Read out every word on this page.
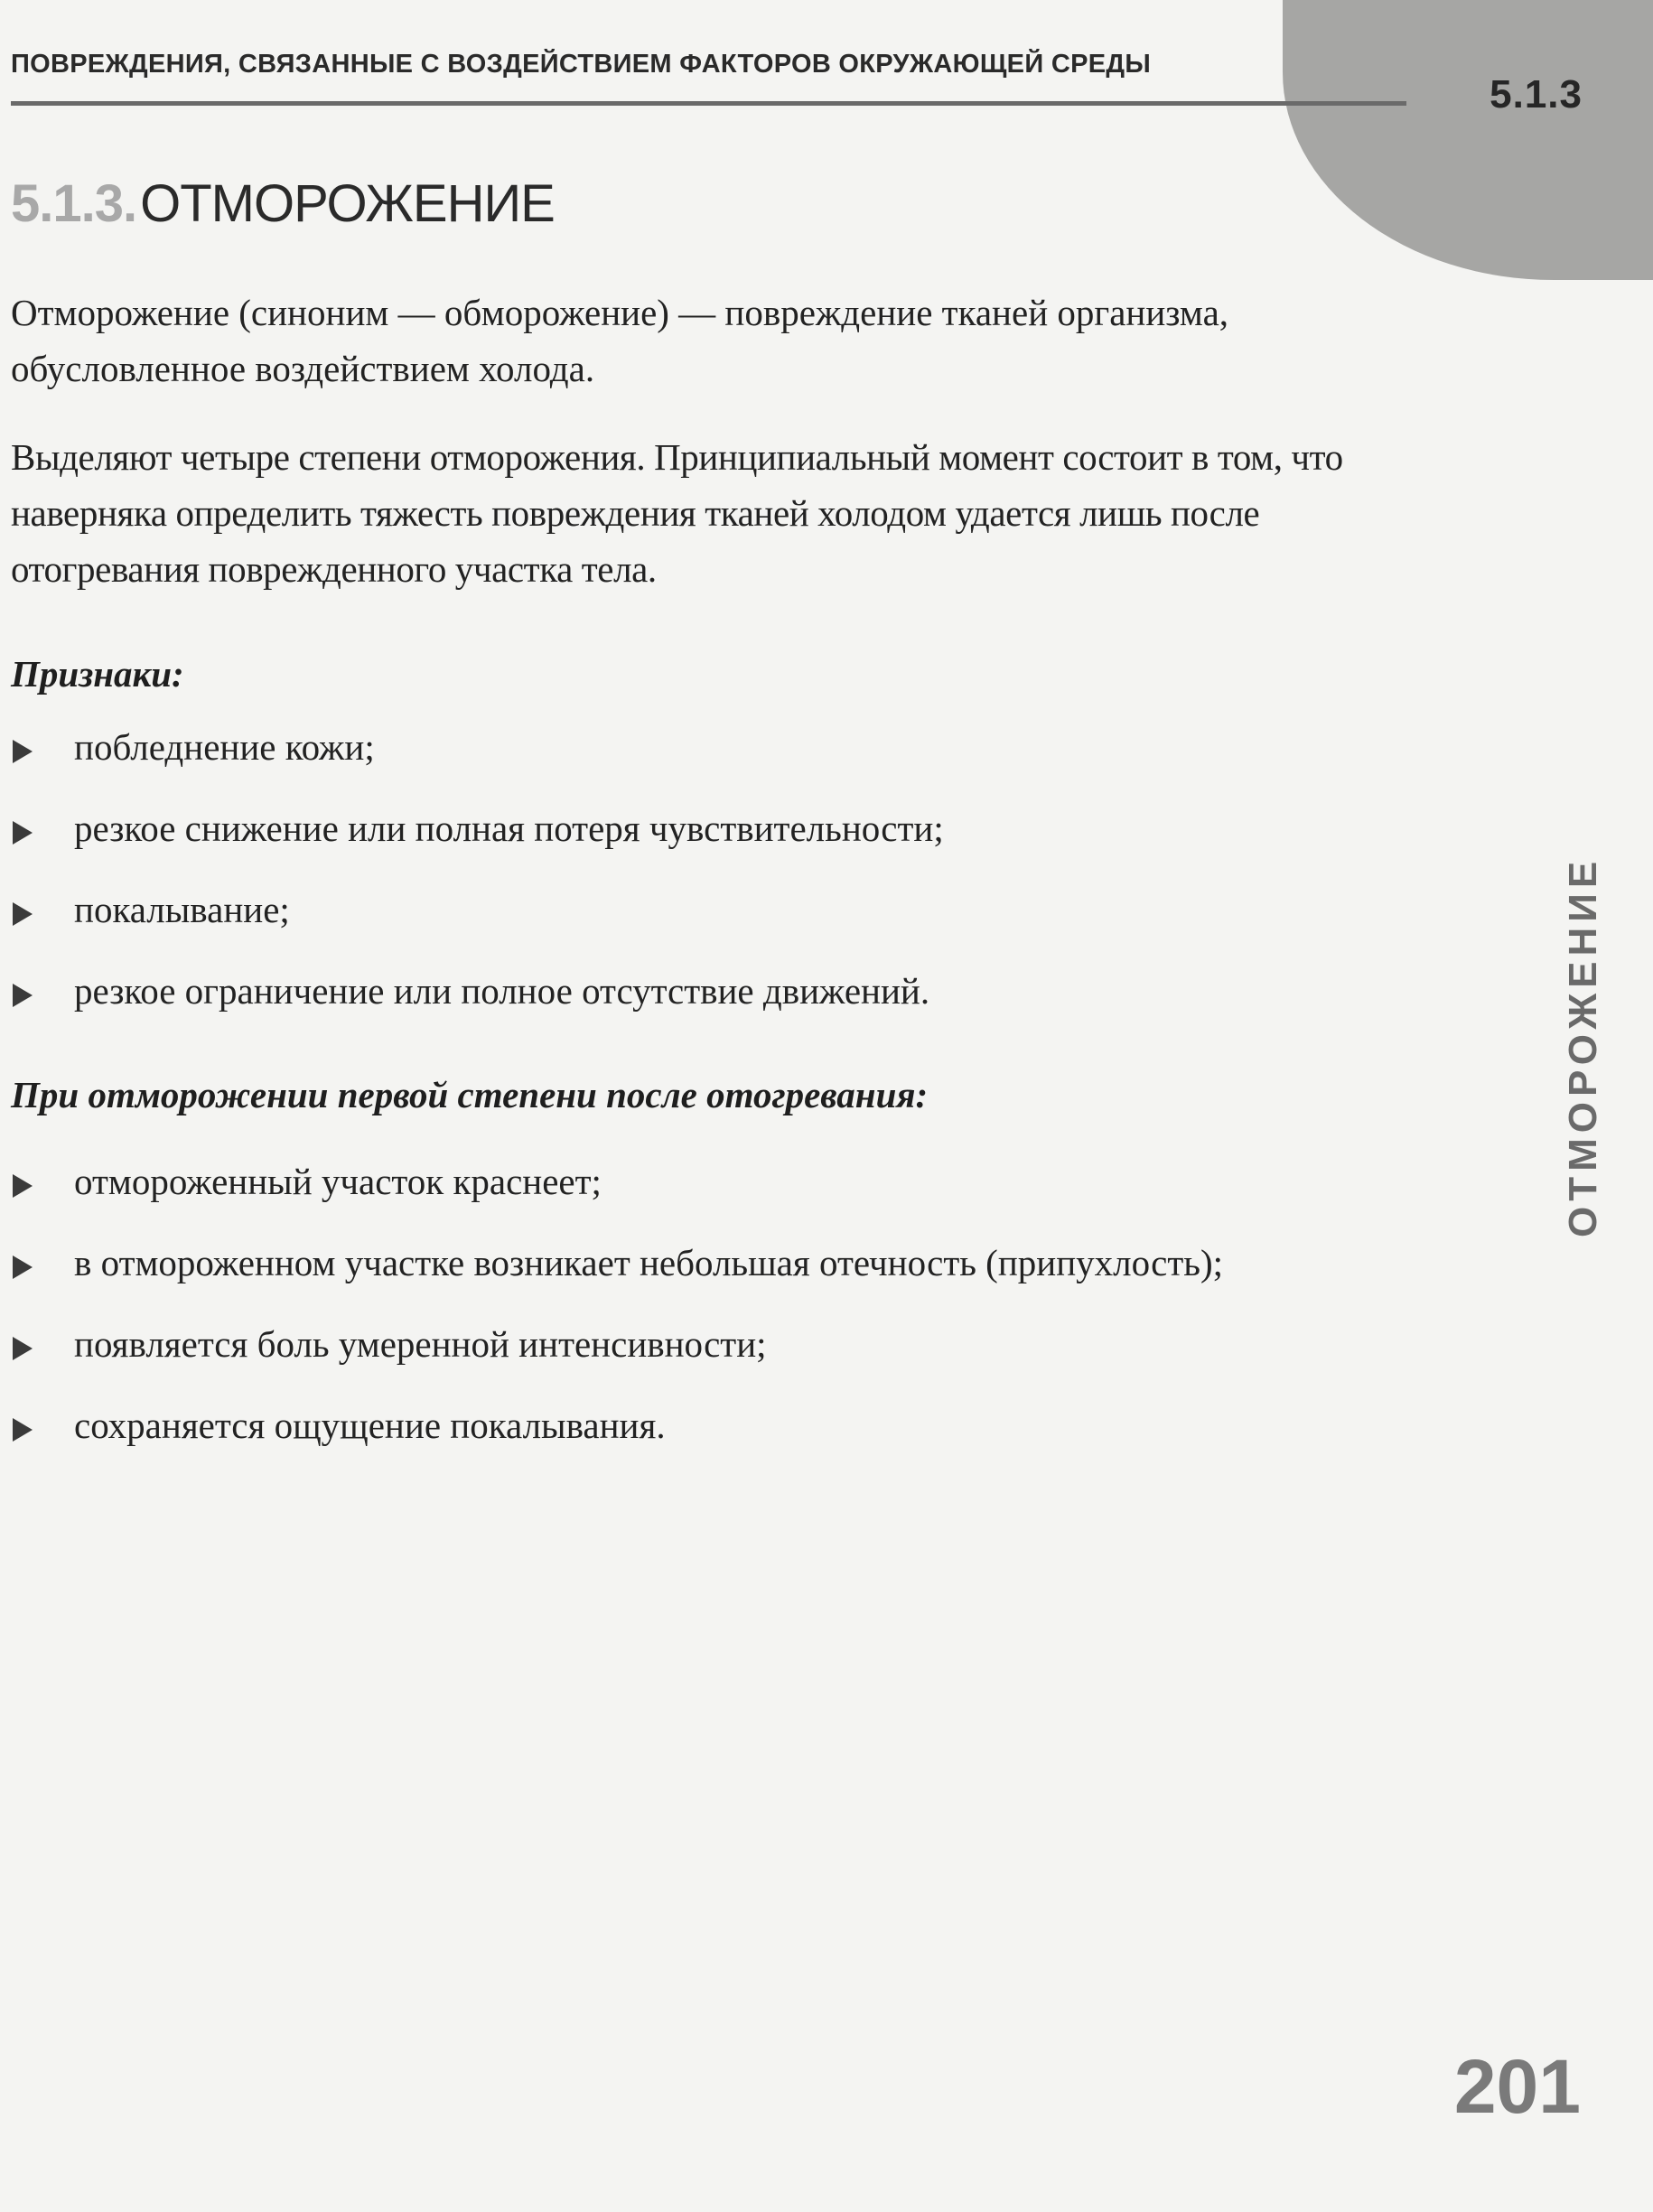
5.1.3
ПОВРЕЖДЕНИЯ, СВЯЗАННЫЕ С ВОЗДЕЙСТВИЕМ ФАКТОРОВ ОКРУЖАЮЩЕЙ СРЕДЫ
5.1.3.ОТМОРОЖЕНИЕ

Отморожение (синоним — обморожение) — повреждение тканей организма, обусловленное воздействием холода.

Выделяют четыре степени отморожения. Принципиальный момент состоит в том, что наверняка определить тяжесть повреждения тканей холодом удается лишь после отогревания поврежденного участка тела.

Признаки:
побледнение кожи;
резкое снижение или полная потеря чувствительности;
покалывание;
резкое ограничение или полное отсутствие движений.
При отморожении первой степени после отогревания:
отмороженный участок краснеет;
в отмороженном участке возникает небольшая отечность (припухлость);
появляется боль умеренной интенсивности;
сохраняется ощущение покалывания.
ОТМОРОЖЕНИЕ
201
